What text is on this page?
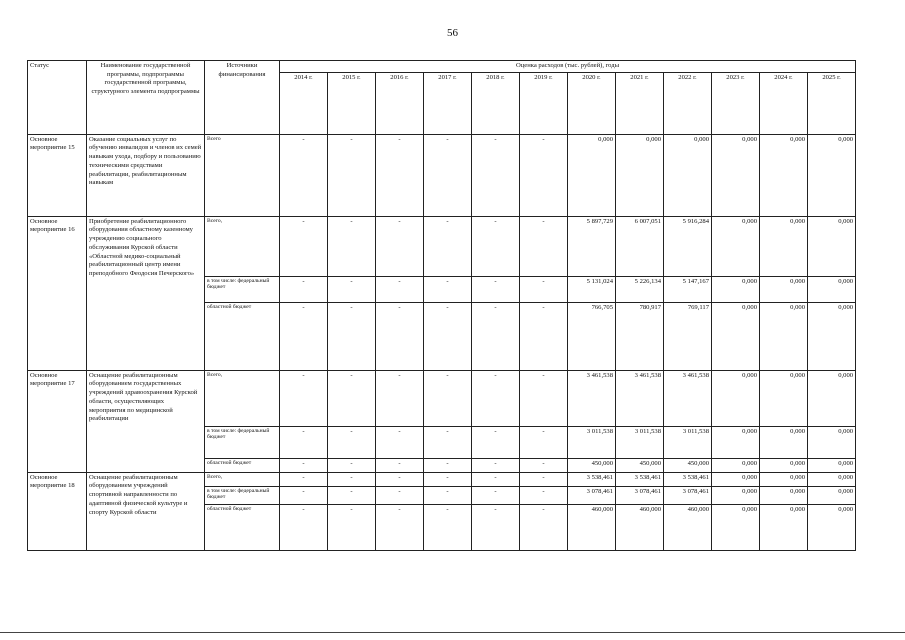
56
Статус	Наименование государственной программы, подпрограммы государственной программы, структурного элемента подпрограммы	Источники финансирования	Оценка расходов (тыс. рублей), годы											
			2014 г.	2015 г.	2016 г.	2017 г.	2018 г.	2019 г.	2020 г.	2021 г.	2022 г.	2023 г.	2024 г.	2025 г.
Основное мероприятие 15	Оказание социальных услуг по обучению инвалидов и членов их семей навыкам ухода, подбору и пользованию техническими средствами реабилитации, реабилитационным навыкам	Всего	-	-	-	-	-	-	0,000	0,000	0,000	0,000	0,000	0,000
Основное мероприятие 16	Приобретение реабилитационного оборудования областному казенному учреждению социального обслуживания Курской области «Областной медико-социальный реабилитационный центр имени преподобного Феодосия Печерского»	Всего,	-	-	-	-	-	-	5 897,729	6 007,051	5 916,284	0,000	0,000	0,000
		в том числе: федеральный бюджет	-	-	-	-	-	-	5 131,024	5 226,134	5 147,167	0,000	0,000	0,000
		областной бюджет	-	-	-	-	-	-	766,705	780,917	769,117	0,000	0,000	0,000
Основное мероприятие 17	Оснащение реабилитационным оборудованием государственных учреждений здравоохранения Курской области, осуществляющих мероприятия по медицинской реабилитации	Всего,	-	-	-	-	-	-	3 461,538	3 461,538	3 461,538	0,000	0,000	0,000
		в том числе: федеральный бюджет	-	-	-	-	-	-	3 011,538	3 011,538	3 011,538	0,000	0,000	0,000
		областной бюджет	-	-	-	-	-	-	450,000	450,000	450,000	0,000	0,000	0,000
Основное мероприятие 18	Оснащение реабилитационным оборудованием учреждений спортивной направленности по адаптивной физической культуре и спорту Курской области	Всего,	-	-	-	-	-	-	3 538,461	3 538,461	3 538,461	0,000	0,000	0,000
		в том числе: федеральный бюджет	-	-	-	-	-	-	3 078,461	3 078,461	3 078,461	0,000	0,000	0,000
		областной бюджет	-	-	-	-	-	-	460,000	460,000	460,000	0,000	0,000	0,000
